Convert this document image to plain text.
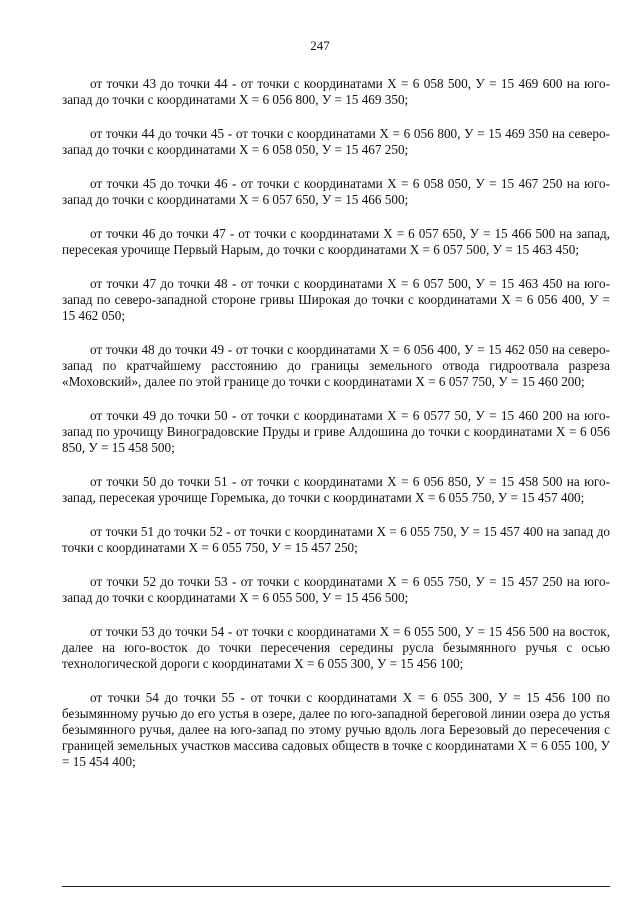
247

от точки 43 до точки 44 - от точки с координатами Х = 6 058 500, У = 15 469 600 на юго-запад до точки с координатами Х = 6 056 800, У = 15 469 350;

от точки 44 до точки 45 - от точки с координатами Х = 6 056 800, У = 15 469 350 на северо-запад до точки с координатами Х = 6 058 050, У = 15 467 250;

от точки 45 до точки 46 - от точки с координатами Х = 6 058 050, У = 15 467 250 на юго-запад до точки с координатами Х = 6 057 650, У = 15 466 500;

от точки 46 до точки 47 - от точки с координатами Х = 6 057 650, У = 15 466 500 на запад, пересекая урочище Первый Нарым, до точки с координатами Х = 6 057 500, У = 15 463 450;

от точки 47 до точки 48 - от точки с координатами Х = 6 057 500, У = 15 463 450 на юго-запад по северо-западной стороне гривы Широкая до точки с координатами Х = 6 056 400, У = 15 462 050;

от точки 48 до точки 49 - от точки с координатами Х = 6 056 400, У = 15 462 050 на северо-запад по кратчайшему расстоянию до границы земельного отвода гидроотвала разреза «Моховский», далее по этой границе до точки с координатами Х = 6 057 750, У = 15 460 200;

от точки 49 до точки 50 - от точки с координатами Х = 6 0577 50, У = 15 460 200 на юго-запад по урочищу Виноградовские Пруды и гриве Алдошина до точки с координатами Х = 6 056 850, У = 15 458 500;

от точки 50 до точки 51 - от точки с координатами Х = 6 056 850, У = 15 458 500 на юго-запад, пересекая урочище Горемыка, до точки с координатами Х = 6 055 750, У = 15 457 400;

от точки 51 до точки 52 - от точки с координатами Х = 6 055 750, У = 15 457 400 на запад до точки с координатами Х = 6 055 750, У = 15 457 250;

от точки 52 до точки 53 - от точки с координатами Х = 6 055 750, У = 15 457 250 на юго-запад до точки с координатами Х = 6 055 500, У = 15 456 500;

от точки 53 до точки 54 - от точки с координатами Х = 6 055 500, У = 15 456 500 на восток, далее на юго-восток до точки пересечения середины русла безымянного ручья с осью технологической дороги с координатами Х = 6 055 300, У = 15 456 100;

от точки 54 до точки 55 - от точки с координатами Х = 6 055 300, У = 15 456 100 по безымянному ручью до его устья в озере, далее по юго-западной береговой линии озера до устья безымянного ручья, далее на юго-запад по этому ручью вдоль лога Березовый до пересечения с границей земельных участков массива садовых обществ в точке с координатами Х = 6 055 100, У = 15 454 400;
